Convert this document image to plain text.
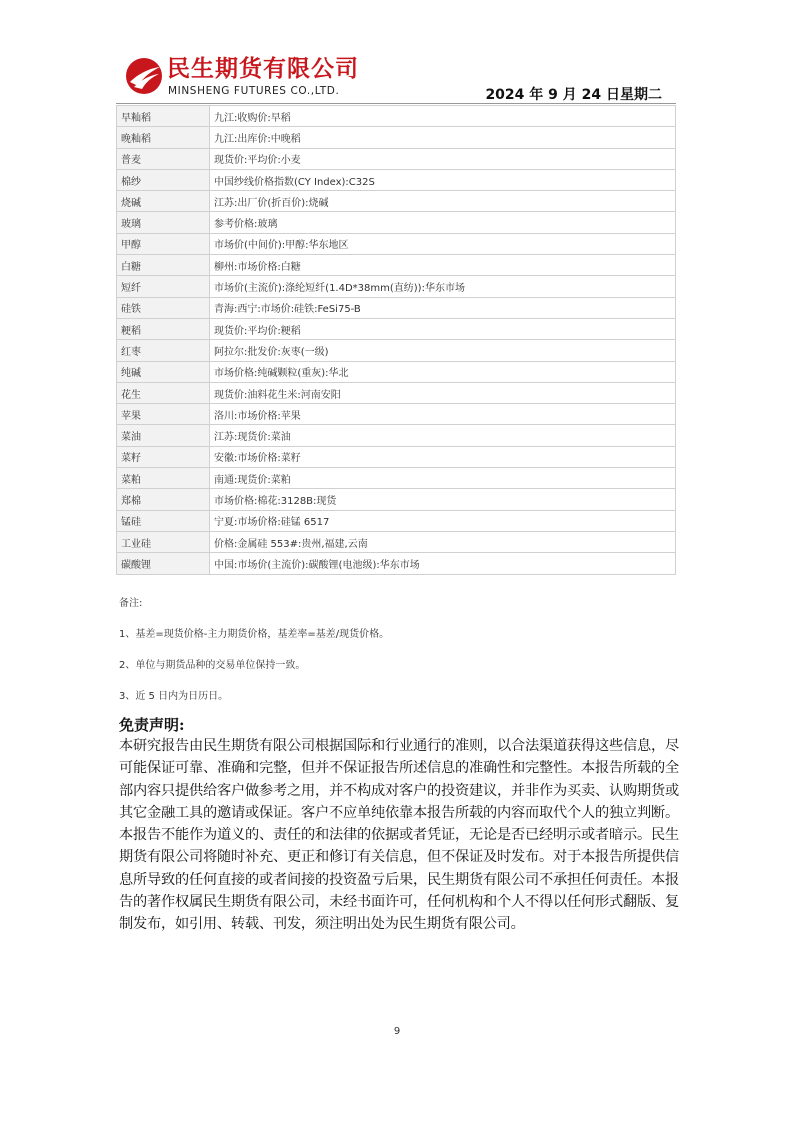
民生期货有限公司
MINSHENG FUTURES CO.,LTD.	2024 年 9 月 24 日星期二
早籼稻	九江:收购价:早稻
晚籼稻	九江:出库价:中晚稻
普麦	现货价:平均价:小麦
棉纱	中国纱线价格指数(CY Index):C32S
烧碱	江苏:出厂价(折百价):烧碱
玻璃	参考价格:玻璃
甲醇	市场价(中间价):甲醇:华东地区
白糖	柳州:市场价格:白糖
短纤	市场价(主流价):涤纶短纤(1.4D*38mm(直纺)):华东市场
硅铁	青海:西宁:市场价:硅铁:FeSi75-B
粳稻	现货价:平均价:粳稻
红枣	阿拉尔:批发价:灰枣(一级)
纯碱	市场价格:纯碱颗粒(重灰):华北
花生	现货价:油料花生米:河南安阳
苹果	洛川:市场价格:苹果
菜油	江苏:现货价:菜油
菜籽	安徽:市场价格:菜籽
菜粕	南通:现货价:菜粕
郑棉	市场价格:棉花:3128B:现货
锰硅	宁夏:市场价格:硅锰 6517
工业硅	价格:金属硅 553#:贵州,福建,云南
碳酸锂	中国:市场价(主流价):碳酸锂(电池级):华东市场
备注:
1、基差=现货价格-主力期货价格，基差率=基差/现货价格。
2、单位与期货品种的交易单位保持一致。
3、近 5 日内为日历日。
免责声明:
本研究报告由民生期货有限公司根据国际和行业通行的准则，以合法渠道获得这些信息，尽可能保证可靠、准确和完整，但并不保证报告所述信息的准确性和完整性。本报告所载的全部内容只提供给客户做参考之用，并不构成对客户的投资建议，并非作为买卖、认购期货或其它金融工具的邀请或保证。客户不应单纯依靠本报告所载的内容而取代个人的独立判断。本报告不能作为道义的、责任的和法律的依据或者凭证，无论是否已经明示或者暗示。民生期货有限公司将随时补充、更正和修订有关信息，但不保证及时发布。对于本报告所提供信息所导致的任何直接的或者间接的投资盈亏后果，民生期货有限公司不承担任何责任。本报告的著作权属民生期货有限公司，未经书面许可，任何机构和个人不得以任何形式翻版、复制发布，如引用、转载、刊发，须注明出处为民生期货有限公司。
9
